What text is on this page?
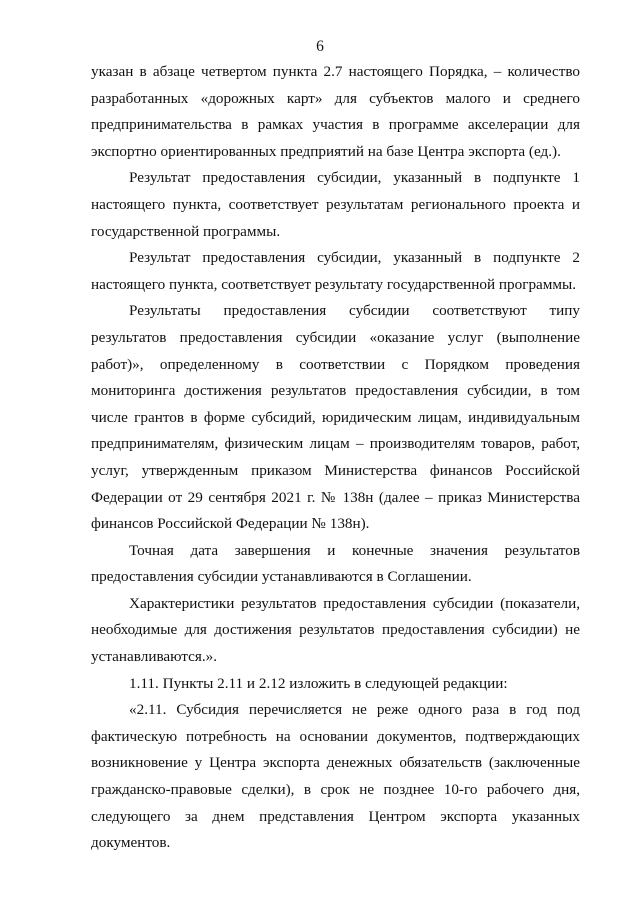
6

указан в абзаце четвертом пункта 2.7 настоящего Порядка, – количество разработанных «дорожных карт» для субъектов малого и среднего предпринимательства в рамках участия в программе акселерации для экспортно ориентированных предприятий на базе Центра экспорта (ед.).

Результат предоставления субсидии, указанный в подпункте 1 настоящего пункта, соответствует результатам регионального проекта и государственной программы.

Результат предоставления субсидии, указанный в подпункте 2 настоящего пункта, соответствует результату государственной программы.

Результаты предоставления субсидии соответствуют типу результатов предоставления субсидии «оказание услуг (выполнение работ)», определенному в соответствии с Порядком проведения мониторинга достижения результатов предоставления субсидии, в том числе грантов в форме субсидий, юридическим лицам, индивидуальным предпринимателям, физическим лицам – производителям товаров, работ, услуг, утвержденным приказом Министерства финансов Российской Федерации от 29 сентября 2021 г. № 138н (далее – приказ Министерства финансов Российской Федерации № 138н).

Точная дата завершения и конечные значения результатов предоставления субсидии устанавливаются в Соглашении.

Характеристики результатов предоставления субсидии (показатели, необходимые для достижения результатов предоставления субсидии) не устанавливаются.».

1.11. Пункты 2.11 и 2.12 изложить в следующей редакции:

«2.11. Субсидия перечисляется не реже одного раза в год под фактическую потребность на основании документов, подтверждающих возникновение у Центра экспорта денежных обязательств (заключенные гражданско-правовые сделки), в срок не позднее 10-го рабочего дня, следующего за днем представления Центром экспорта указанных документов.
